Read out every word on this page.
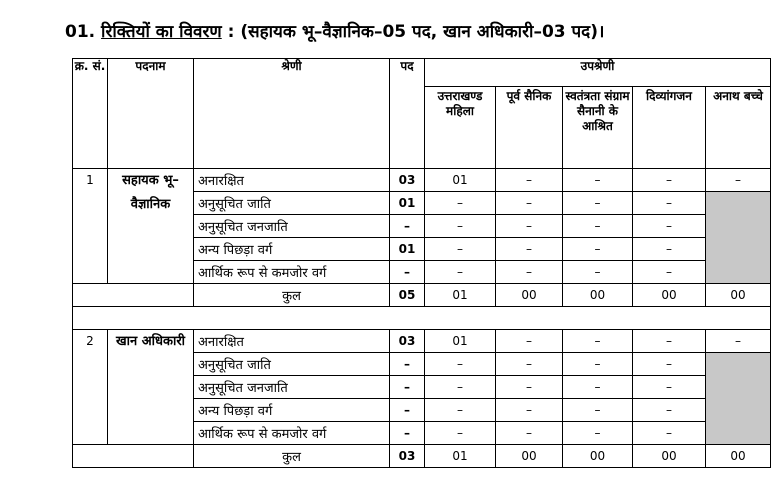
01. रिक्तियों का विवरण : (सहायक भू–वैज्ञानिक–05 पद, खान अधिकारी–03 पद)।
क्र. सं.	पदनाम	श्रेणी	पद	उपश्रेणी				
				उत्तराखण्ड महिला	पूर्व सैनिक	स्वतंत्रता संग्राम सैनानी के आश्रित	दिव्यांगजन	अनाथ बच्चे
1	सहायक भू–वैज्ञानिक	अनारक्षित	03	01	–	–	–	–
		अनुसूचित जाति	01	–	–	–	–	
		अनुसूचित जनजाति	–	–	–	–	–	
		अन्य पिछड़ा वर्ग	01	–	–	–	–	
		आर्थिक रूप से कमजोर वर्ग	–	–	–	–	–	
		कुल	05	01	00	00	00	00

2	खान अधिकारी	अनारक्षित	03	01	–	–	–	–
		अनुसूचित जाति	–	–	–	–	–	
		अनुसूचित जनजाति	–	–	–	–	–	
		अन्य पिछड़ा वर्ग	–	–	–	–	–	
		आर्थिक रूप से कमजोर वर्ग	–	–	–	–	–	
		कुल	03	01	00	00	00	00
